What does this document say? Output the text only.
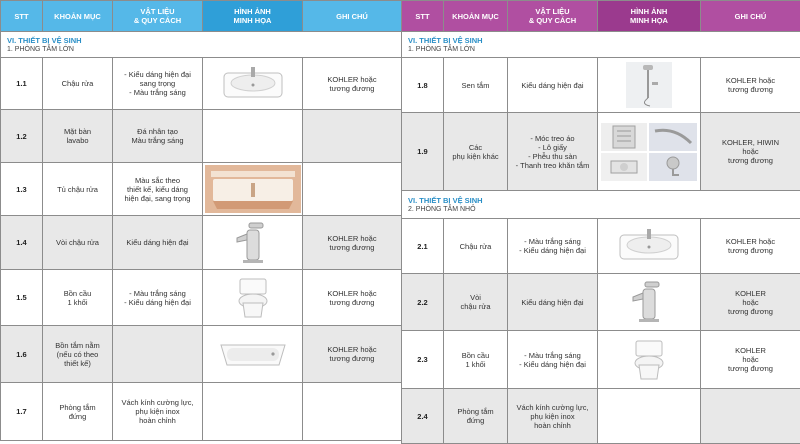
STT	KHOẢN MỤC	VẬT LIỆU
& QUY CÁCH	HÌNH ẢNH
MINH HỌA	GHI CHÚ

VI. THIẾT BỊ VỆ SINH
1. PHÒNG TẮM LỚN				

1.1	Chậu rửa	- Kiểu dáng hiện đại
sang trọng
- Màu trắng sáng		KOHLER hoặc
tương đương
1.2	Mặt bàn
lavabo	Đá nhân tạo
Màu trắng sáng		
1.3	Tủ chậu rửa	Màu sắc theo
thiết kế, kiểu dáng
hiện đại, sang trọng	

1.4	Vòi chậu rửa	Kiểu dáng hiện đại		KOHLER hoặc
tương đương
1.5	Bồn cầu
1 khối	- Màu trắng sáng
- Kiểu dáng hiện đại		KOHLER hoặc
tương đương
1.6	Bồn tắm nằm
(nếu có theo
thiết kế)			KOHLER hoặc
tương đương
1.7	Phòng tắm
đứng	Vách kính cường lực,
phụ kiện inox
hoàn chỉnh		
STT	KHOẢN MỤC	VẬT LIỆU
& QUY CÁCH	HÌNH ẢNH
MINH HỌA	GHI CHÚ

VI. THIẾT BỊ VỆ SINH
1. PHÒNG TẮM LỚN				

1.8	Sen tắm	Kiểu dáng hiện đại		KOHLER hoặc
tương đương
1.9	Các
phụ kiện khác	- Móc treo áo
- Lô giấy
- Phễu thu sàn
- Thanh treo khăn tắm		KOHLER, HIWIN
hoặc
tương đương

VI. THIẾT BỊ VỆ SINH
2. PHÒNG TẮM NHỎ				

2.1	Chậu rửa	- Màu trắng sáng
- Kiểu dáng hiện đại		KOHLER hoặc
tương đương
2.2	Vòi
chậu rửa	Kiểu dáng hiện đại		KOHLER
hoặc
tương đương
2.3	Bồn cầu
1 khối	- Màu trắng sáng
- Kiểu dáng hiện đại		KOHLER
hoặc
tương đương
2.4	Phòng tắm
đứng	Vách kính cường lực,
phụ kiện inox
hoàn chỉnh		
